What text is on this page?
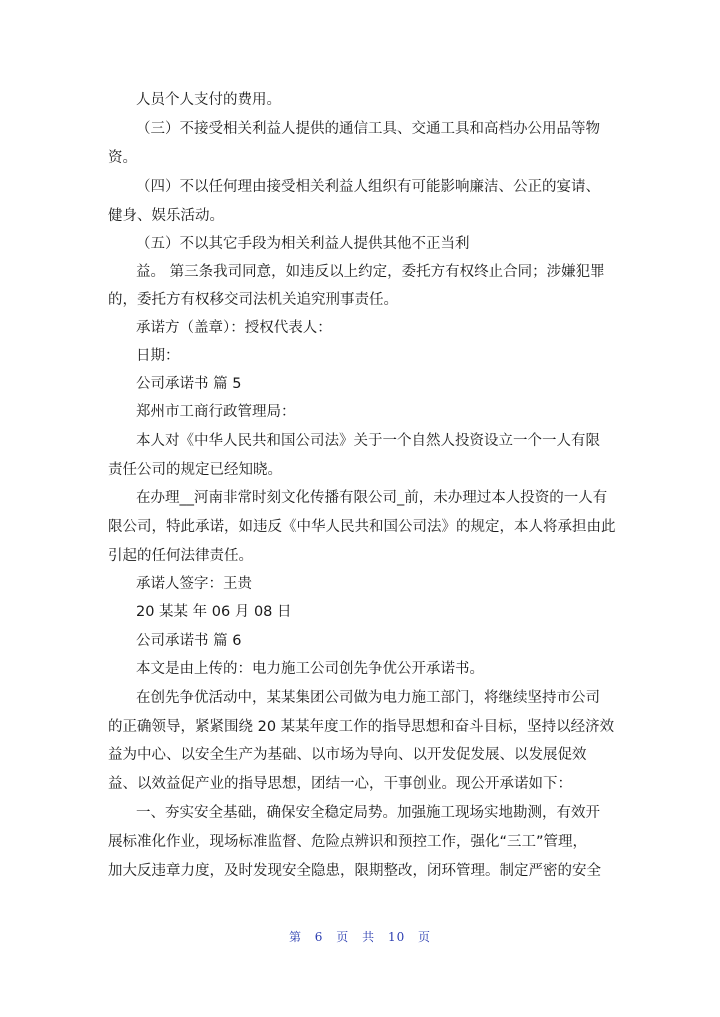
人员个人支付的费用。
（三）不接受相关利益人提供的通信工具、交通工具和高档办公用品等物
资。
（四）不以任何理由接受相关利益人组织有可能影响廉洁、公正的宴请、
健身、娱乐活动。
（五）不以其它手段为相关利益人提供其他不正当利
益。 第三条我司同意，如违反以上约定，委托方有权终止合同；涉嫌犯罪
的，委托方有权移交司法机关追究刑事责任。
承诺方（盖章）：授权代表人：
日期：
公司承诺书 篇 5
郑州市工商行政管理局：
本人对《中华人民共和国公司法》关于一个自然人投资设立一个一人有限
责任公司的规定已经知晓。
在办理__河南非常时刻文化传播有限公司_前，未办理过本人投资的一人有
限公司，特此承诺，如违反《中华人民共和国公司法》的规定，本人将承担由此
引起的任何法律责任。
承诺人签字：王贵
20 某某 年 06 月 08 日
公司承诺书 篇 6
本文是由上传的：电力施工公司创先争优公开承诺书。
在创先争优活动中，某某集团公司做为电力施工部门，将继续坚持市公司
的正确领导，紧紧围绕 20 某某年度工作的指导思想和奋斗目标，坚持以经济效
益为中心、以安全生产为基础、以市场为导向、以开发促发展、以发展促效
益、以效益促产业的指导思想，团结一心，干事创业。现公开承诺如下：
一、夯实安全基础，确保安全稳定局势。加强施工现场实地勘测，有效开
展标准化作业，现场标准监督、危险点辨识和预控工作，强化“三工”管理，
加大反违章力度，及时发现安全隐患，限期整改，闭环管理。制定严密的安全
第 6 页 共 10 页
